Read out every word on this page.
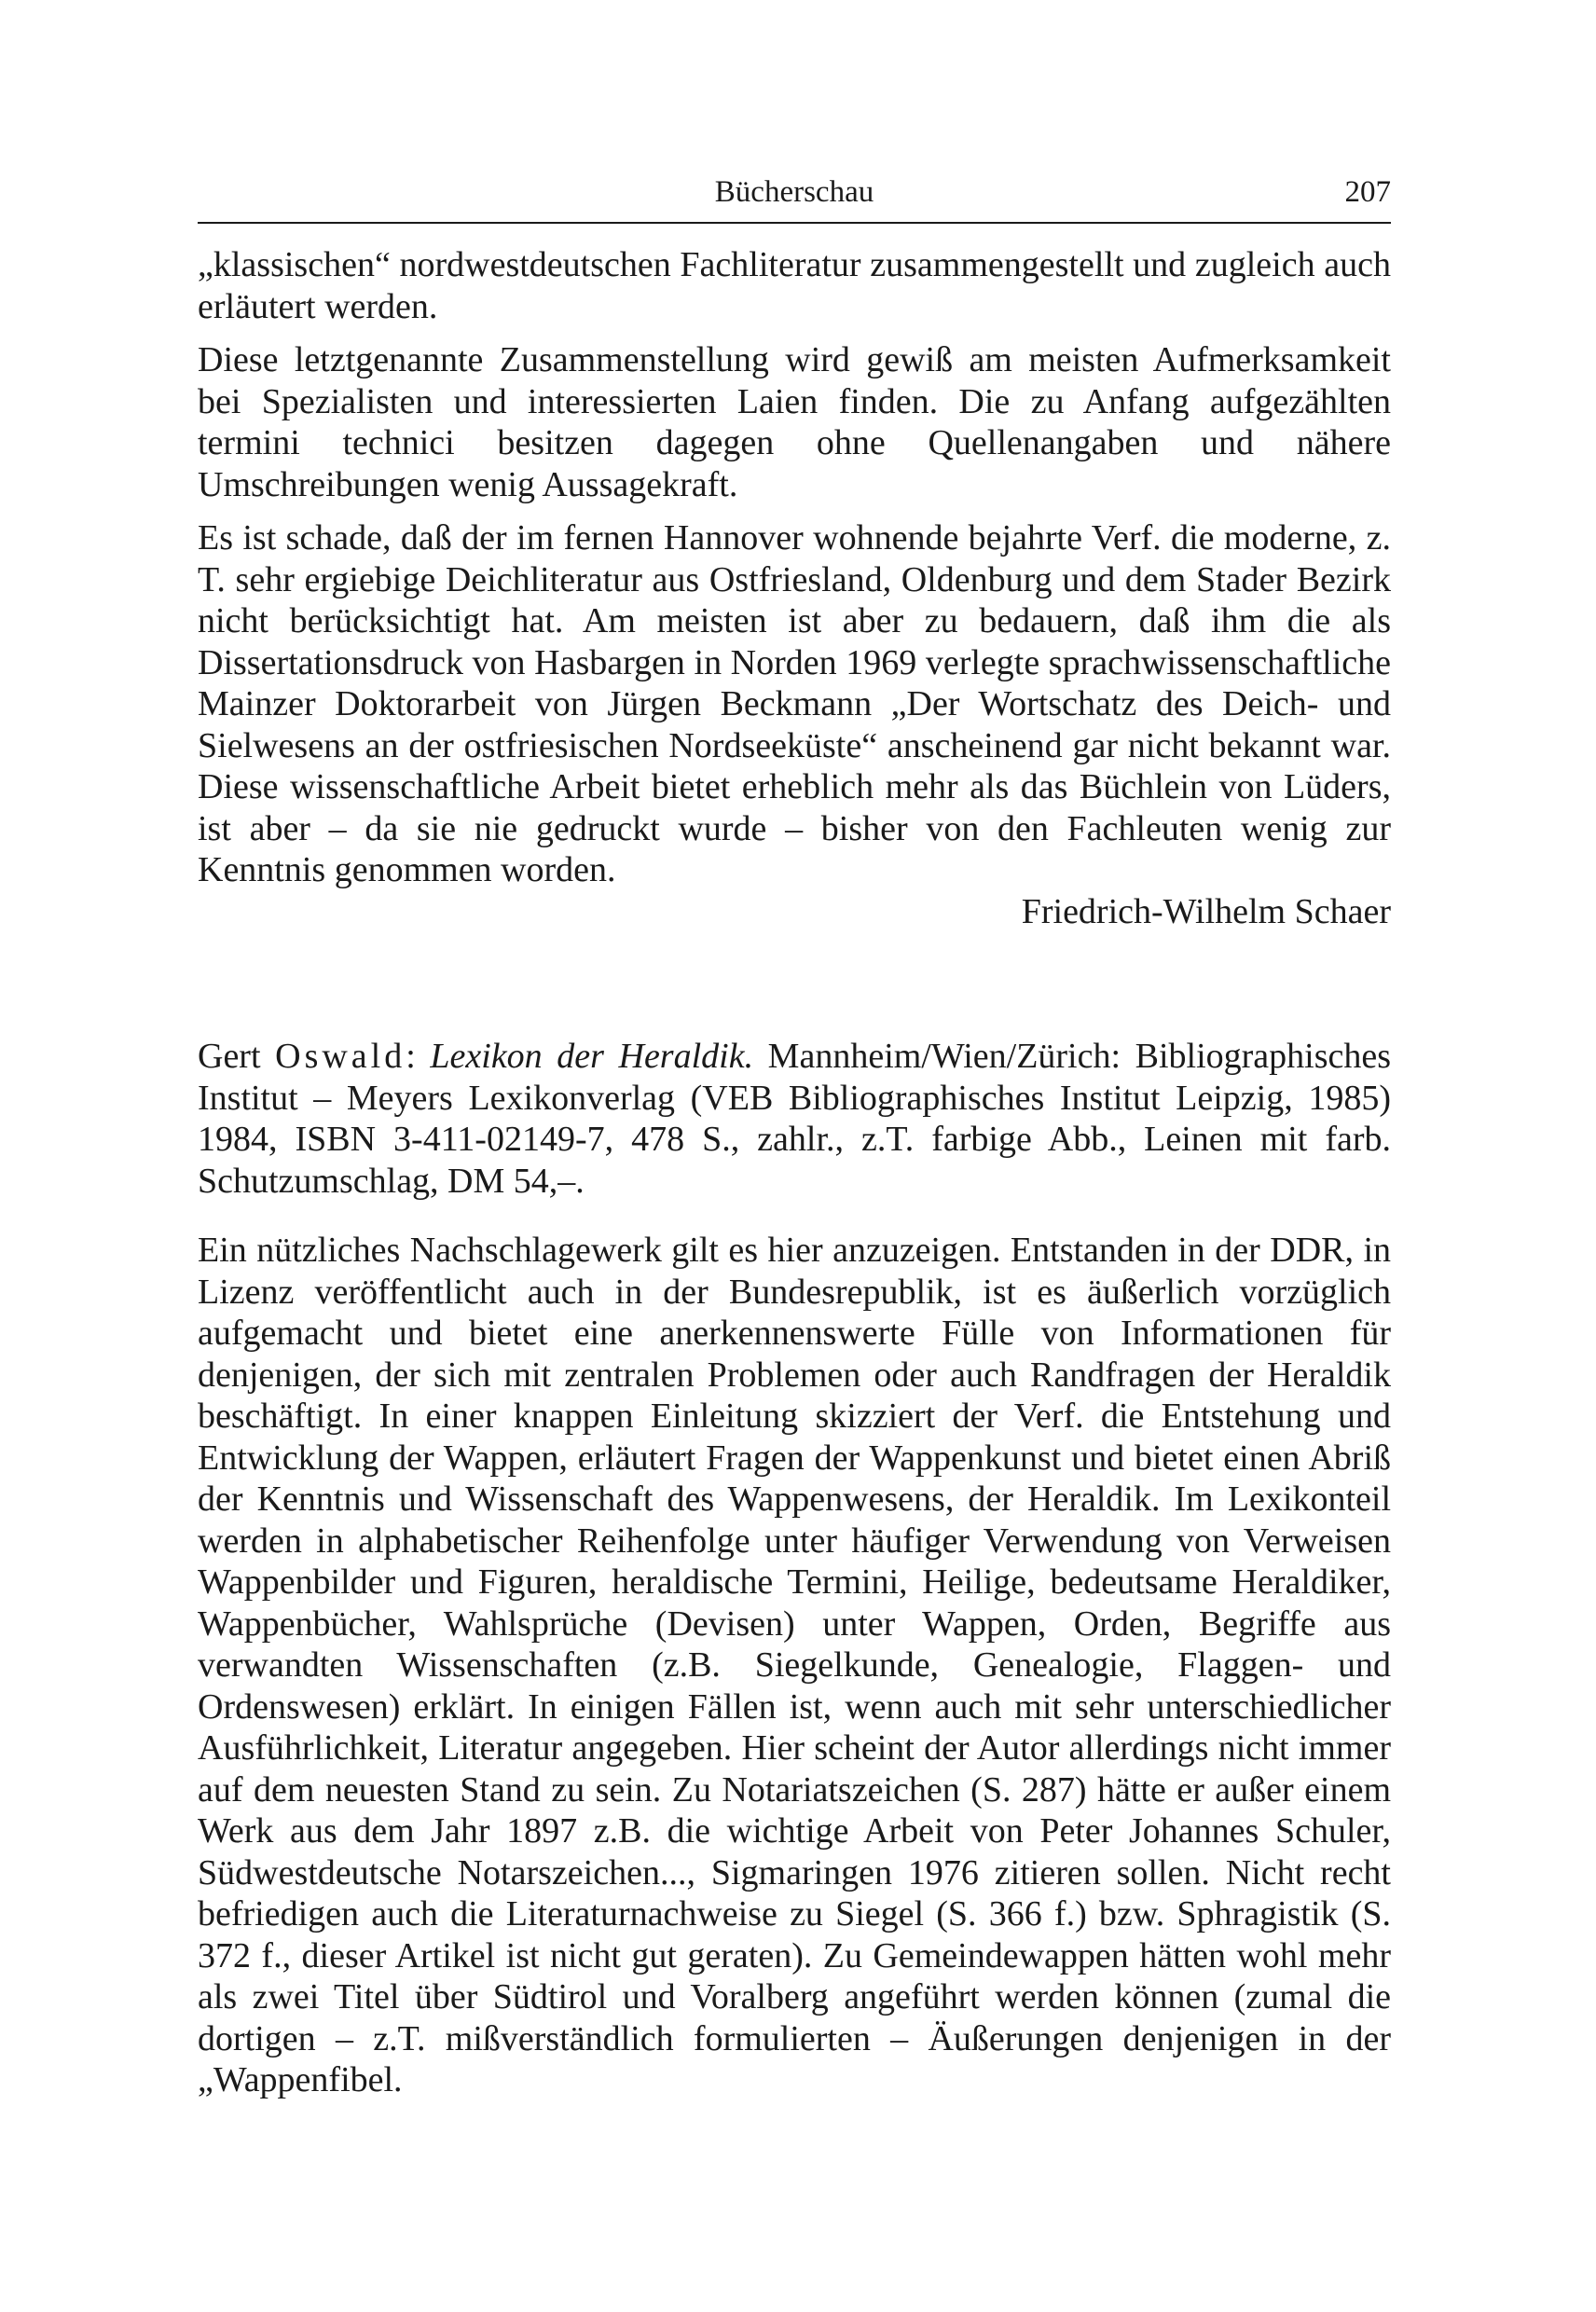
Bücherschau	207

„klassischen“ nordwestdeutschen Fachliteratur zusammengestellt und zugleich auch erläutert werden.

Diese letztgenannte Zusammenstellung wird gewiß am meisten Aufmerksamkeit bei Spezialisten und interessierten Laien finden. Die zu Anfang aufgezählten termini technici besitzen dagegen ohne Quellenangaben und nähere Umschreibungen wenig Aussagekraft.

Es ist schade, daß der im fernen Hannover wohnende bejahrte Verf. die moderne, z. T. sehr ergiebige Deichliteratur aus Ostfriesland, Oldenburg und dem Stader Bezirk nicht berücksichtigt hat. Am meisten ist aber zu bedauern, daß ihm die als Dissertationsdruck von Hasbargen in Norden 1969 verlegte sprachwissenschaftliche Mainzer Doktorarbeit von Jürgen Beckmann „Der Wortschatz des Deich- und Sielwesens an der ostfriesischen Nordseeküste“ anscheinend gar nicht bekannt war. Diese wissenschaftliche Arbeit bietet erheblich mehr als das Büchlein von Lüders, ist aber – da sie nie gedruckt wurde – bisher von den Fachleuten wenig zur Kenntnis genommen worden.

Friedrich-Wilhelm Schaer

Gert Oswald: Lexikon der Heraldik. Mannheim/Wien/Zürich: Bibliographisches Institut – Meyers Lexikonverlag (VEB Bibliographisches Institut Leipzig, 1985) 1984, ISBN 3-411-02149-7, 478 S., zahlr., z.T. farbige Abb., Leinen mit farb. Schutzumschlag, DM 54,–.

Ein nützliches Nachschlagewerk gilt es hier anzuzeigen. Entstanden in der DDR, in Lizenz veröffentlicht auch in der Bundesrepublik, ist es äußerlich vorzüglich aufgemacht und bietet eine anerkennenswerte Fülle von Informationen für denjenigen, der sich mit zentralen Problemen oder auch Randfragen der Heraldik beschäftigt. In einer knappen Einleitung skizziert der Verf. die Entstehung und Entwicklung der Wappen, erläutert Fragen der Wappenkunst und bietet einen Abriß der Kenntnis und Wissenschaft des Wappenwesens, der Heraldik. Im Lexikonteil werden in alphabetischer Reihenfolge unter häufiger Verwendung von Verweisen Wappenbilder und Figuren, heraldische Termini, Heilige, bedeutsame Heraldiker, Wappenbücher, Wahlsprüche (Devisen) unter Wappen, Orden, Begriffe aus verwandten Wissenschaften (z.B. Siegelkunde, Genealogie, Flaggen- und Ordenswesen) erklärt. In einigen Fällen ist, wenn auch mit sehr unterschiedlicher Ausführlichkeit, Literatur angegeben. Hier scheint der Autor allerdings nicht immer auf dem neuesten Stand zu sein. Zu Notariatszeichen (S. 287) hätte er außer einem Werk aus dem Jahr 1897 z.B. die wichtige Arbeit von Peter Johannes Schuler, Südwestdeutsche Notarszeichen..., Sigmaringen 1976 zitieren sollen. Nicht recht befriedigen auch die Literaturnachweise zu Siegel (S. 366 f.) bzw. Sphragistik (S. 372 f., dieser Artikel ist nicht gut geraten). Zu Gemeindewappen hätten wohl mehr als zwei Titel über Südtirol und Voralberg angeführt werden können (zumal die dortigen – z.T. mißverständlich formulierten – Äußerungen denjenigen in der „Wappenfibel.
